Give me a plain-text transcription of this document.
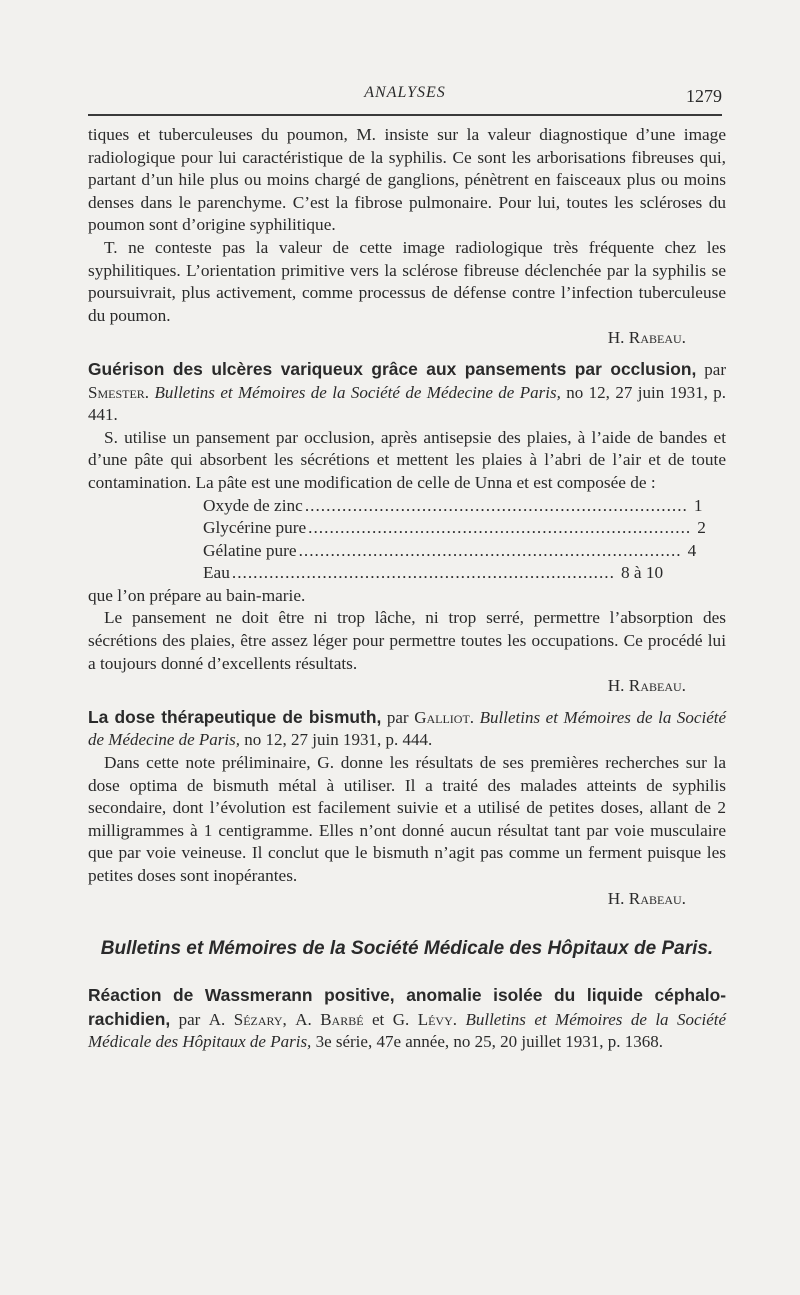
ANALYSES	1279

tiques et tuberculeuses du poumon, M. insiste sur la valeur diagnostique d’une image radiologique pour lui caractéristique de la syphilis. Ce sont les arborisations fibreuses qui, partant d’un hile plus ou moins chargé de ganglions, pénètrent en faisceaux plus ou moins denses dans le parenchyme. C’est la fibrose pulmonaire. Pour lui, toutes les scléroses du poumon sont d’origine syphilitique.

T. ne conteste pas la valeur de cette image radiologique très fréquente chez les syphilitiques. L’orientation primitive vers la sclérose fibreuse déclenchée par la syphilis se poursuivrait, plus activement, comme processus de défense contre l’infection tuberculeuse du poumon.

H. Rabeau.

Guérison des ulcères variqueux grâce aux pansements par occlusion, par Smester. Bulletins et Mémoires de la Société de Médecine de Paris, no 12, 27 juin 1931, p. 441.

S. utilise un pansement par occlusion, après antisepsie des plaies, à l’aide de bandes et d’une pâte qui absorbent les sécrétions et mettent les plaies à l’abri de l’air et de toute contamination. La pâte est une modification de celle de Unna et est composée de :

Oxyde de zinc ........................................................................ 1
Glycérine pure ........................................................................ 2
Gélatine pure ........................................................................ 4
Eau ........................................................................ 8 à 10

que l’on prépare au bain-marie.

Le pansement ne doit être ni trop lâche, ni trop serré, permettre l’absorption des sécrétions des plaies, être assez léger pour permettre toutes les occupations. Ce procédé lui a toujours donné d’excellents résultats.

H. Rabeau.

La dose thérapeutique de bismuth, par Galliot. Bulletins et Mémoires de la Société de Médecine de Paris, no 12, 27 juin 1931, p. 444.

Dans cette note préliminaire, G. donne les résultats de ses premières recherches sur la dose optima de bismuth métal à utiliser. Il a traité des malades atteints de syphilis secondaire, dont l’évolution est facilement suivie et a utilisé de petites doses, allant de 2 milligrammes à 1 centigramme. Elles n’ont donné aucun résultat tant par voie musculaire que par voie veineuse. Il conclut que le bismuth n’agit pas comme un ferment puisque les petites doses sont inopérantes.

H. Rabeau.

Bulletins et Mémoires de la Société Médicale des Hôpitaux de Paris.

Réaction de Wassmerann positive, anomalie isolée du liquide céphalo-rachidien, par A. Sézary, A. Barbé et G. Lévy. Bulletins et Mémoires de la Société Médicale des Hôpitaux de Paris, 3e série, 47e année, no 25, 20 juillet 1931, p. 1368.
